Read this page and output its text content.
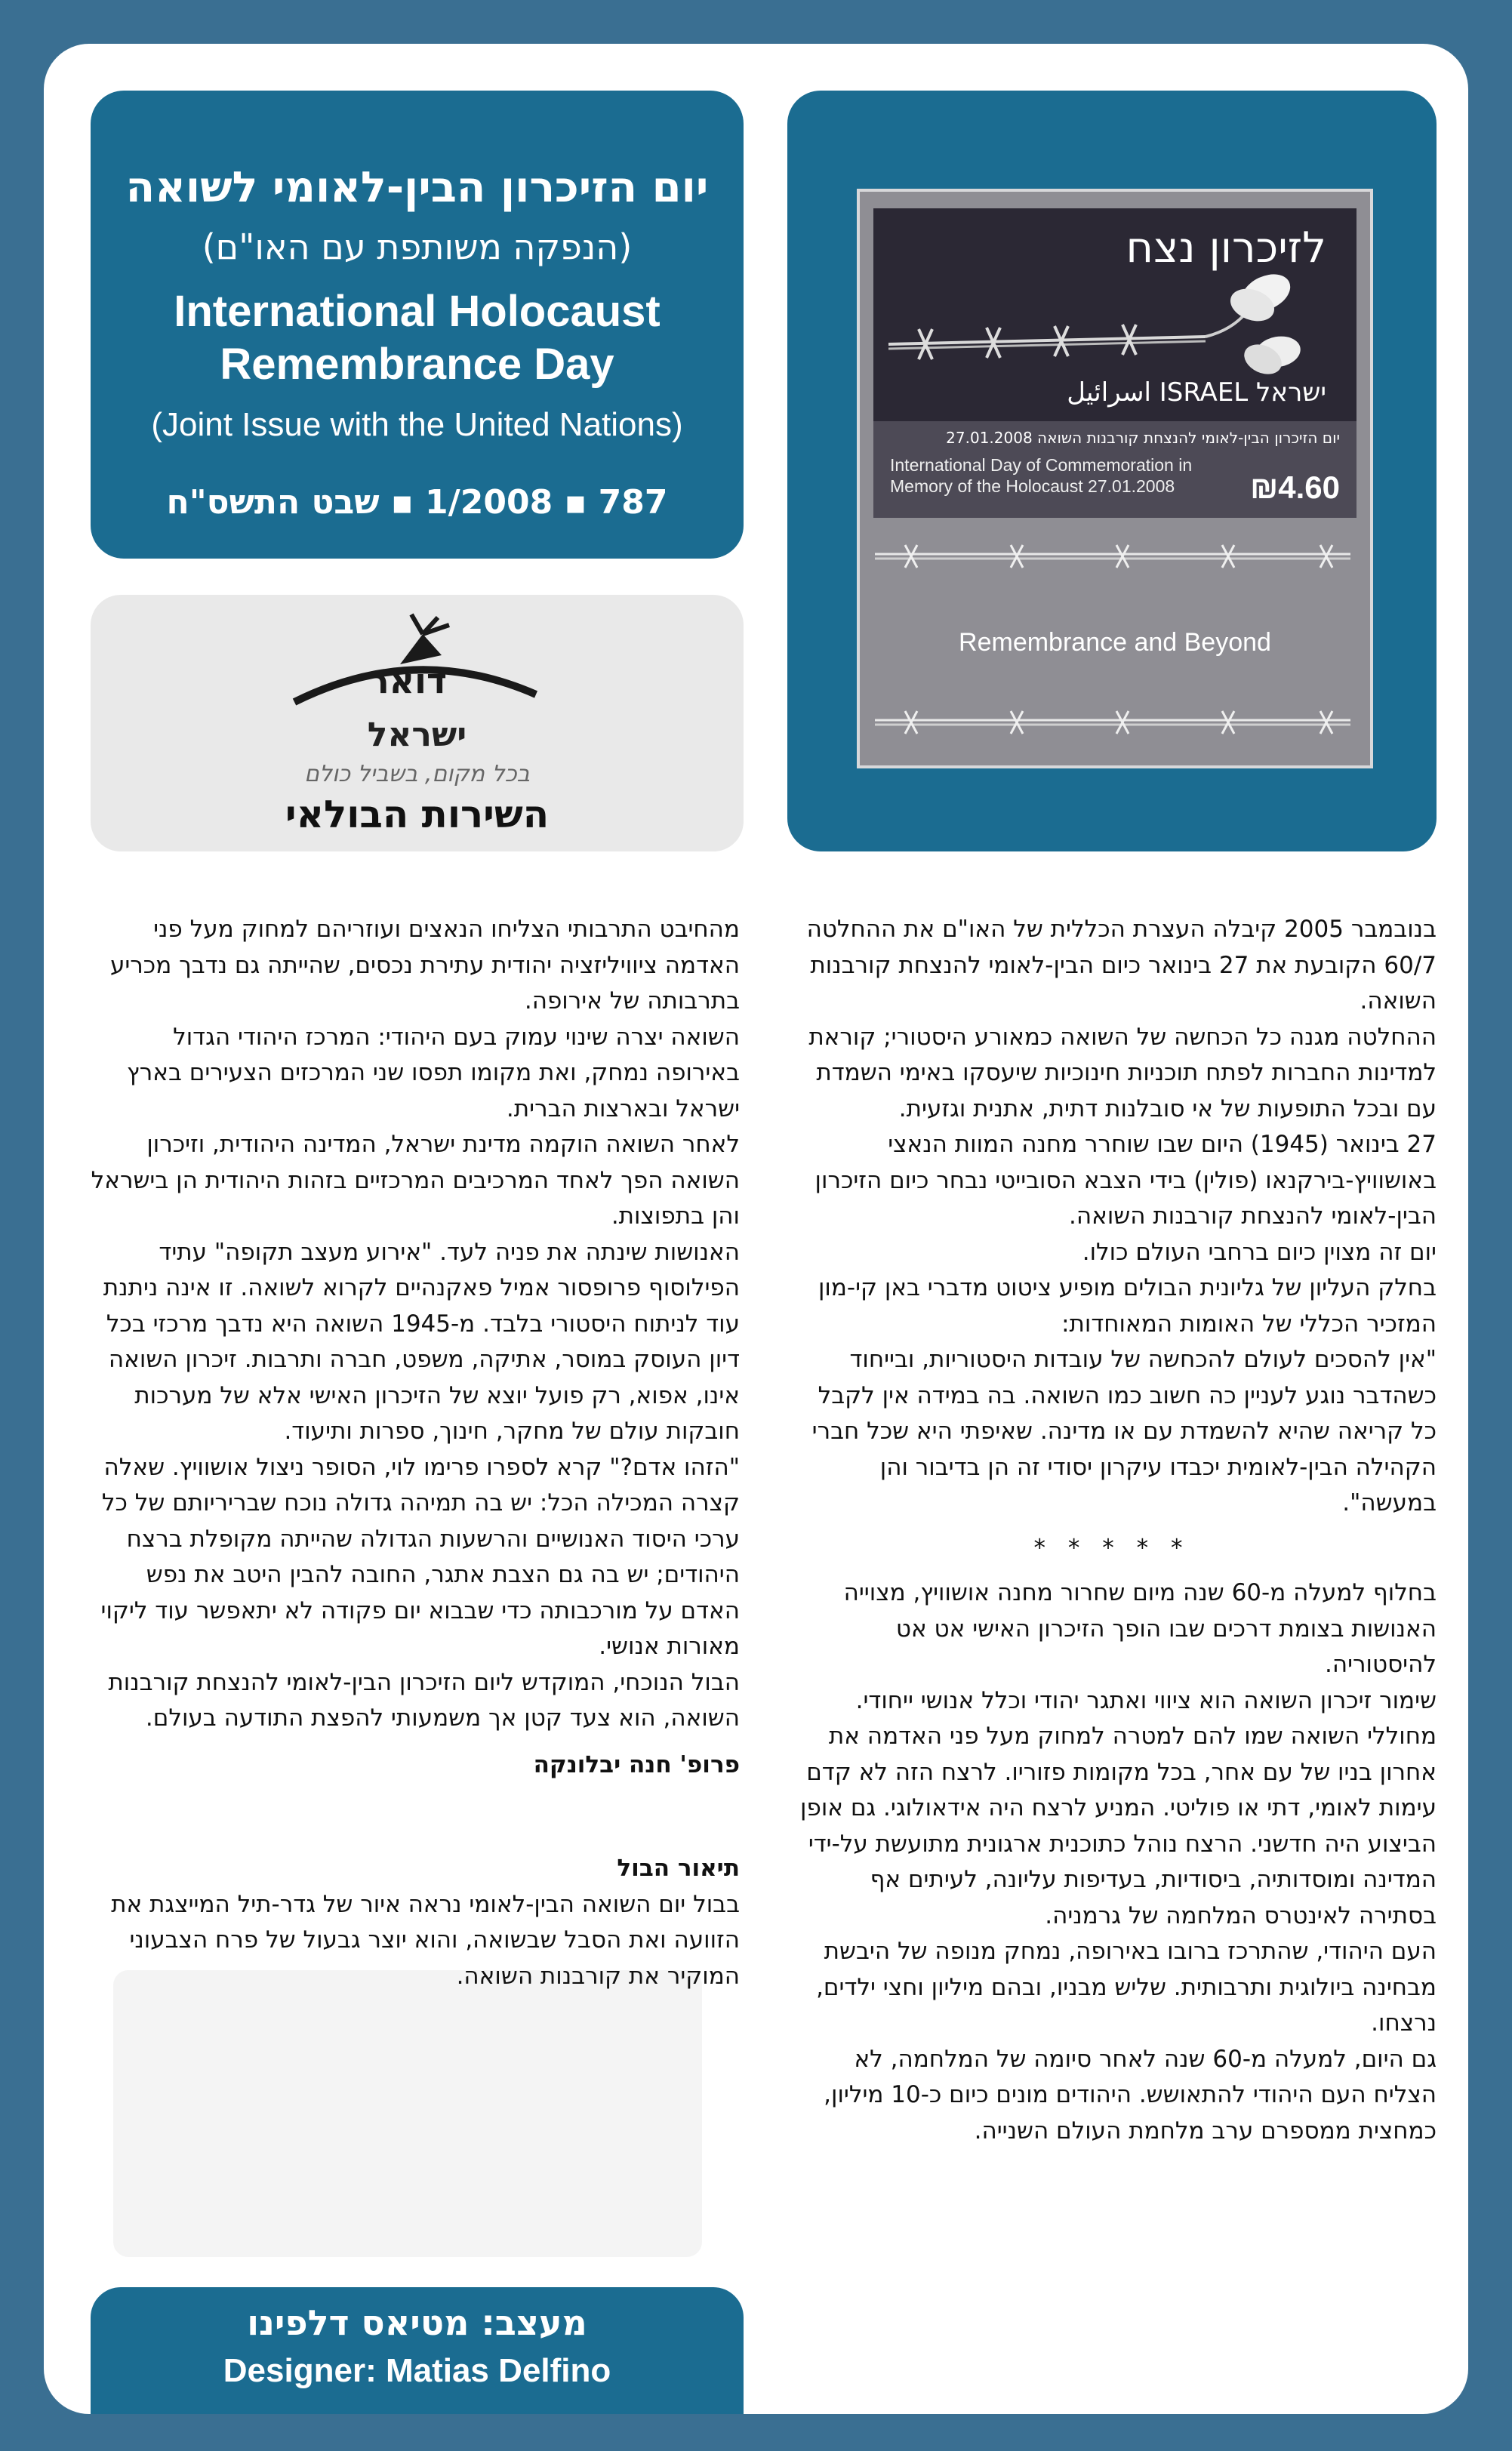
יום הזיכרון הבין-לאומי לשואה
(הנפקה משותפת עם האו"ם)
International Holocaust
Remembrance Day
(Joint Issue with the United Nations)
787 ▪ 1/2008 ▪ שבט התשס"ח
דואר
ישראל
בכל מקום, בשביל כולם
השירות הבולאי
לזיכרון נצח
ישראל ISRAEL اسرائيل
יום הזיכרון הבין-לאומי להנצחת קורבנות השואה 27.01.2008
International Day of Commemoration in
Memory of the Holocaust 27.01.2008	₪4.60
Remembrance and Beyond

בנובמבר 2005 קיבלה העצרת הכללית של האו"ם את ההחלטה 60/7 הקובעת את 27 בינואר כיום הבין-לאומי להנצחת קורבנות השואה.

ההחלטה מגנה כל הכחשה של השואה כמאורע היסטורי; קוראת למדינות החברות לפתח תוכניות חינוכיות שיעסקו באימי השמדת עם ובכל התופעות של אי סובלנות דתית, אתנית וגזעית.

27 בינואר (1945) היום שבו שוחרר מחנה המוות הנאצי באושוויץ-בירקנאו (פולין) בידי הצבא הסובייטי נבחר כיום הזיכרון הבין-לאומי להנצחת קורבנות השואה.

יום זה מצוין כיום ברחבי העולם כולו.

בחלק העליון של גליונית הבולים מופיע ציטוט מדברי באן קי-מון המזכיר הכללי של האומות המאוחדות:

"אין להסכים לעולם להכחשה של עובדות היסטוריות, ובייחוד כשהדבר נוגע לעניין כה חשוב כמו השואה. בה במידה אין לקבל כל קריאה שהיא להשמדת עם או מדינה. שאיפתי היא שכל חברי הקהילה הבין-לאומית יכבדו עיקרון יסודי זה הן בדיבור והן במעשה".

* * * * *

בחלוף למעלה מ-60 שנה מיום שחרור מחנה אושוויץ, מצוייה האנושות בצומת דרכים שבו הופך הזיכרון האישי אט אט להיסטוריה.

שימור זיכרון השואה הוא ציווי ואתגר יהודי וכלל אנושי ייחודי.

מחוללי השואה שמו להם למטרה למחוק מעל פני האדמה את אחרון בניו של עם אחר, בכל מקומות פזוריו. לרצח הזה לא קדם עימות לאומי, דתי או פוליטי. המניע לרצח היה אידאולוגי. גם אופן הביצוע היה חדשני. הרצח נוהל כתוכנית ארגונית מתועשת על-ידי המדינה ומוסדותיה, ביסודיות, בעדיפות עליונה, לעיתים אף בסתירה לאינטרס המלחמה של גרמניה.

העם היהודי, שהתרכז ברובו באירופה, נמחק מנופה של היבשת מבחינה ביולוגית ותרבותית. שליש מבניו, ובהם מיליון וחצי ילדים, נרצחו.

גם היום, למעלה מ-60 שנה לאחר סיומה של המלחמה, לא הצליח העם היהודי להתאושש. היהודים מונים כיום כ-10 מיליון, כמחצית ממספרם ערב מלחמת העולם השנייה.

מהחיבט התרבותי הצליחו הנאצים ועוזריהם למחוק מעל פני האדמה ציוויליזציה יהודית עתירת נכסים, שהייתה גם נדבך מכריע בתרבותה של אירופה.

השואה יצרה שינוי עמוק בעם היהודי: המרכז היהודי הגדול באירופה נמחק, ואת מקומו תפסו שני המרכזים הצעירים בארץ ישראל ובארצות הברית.

לאחר השואה הוקמה מדינת ישראל, המדינה היהודית, וזיכרון השואה הפך לאחד המרכיבים המרכזיים בזהות היהודית הן בישראל והן בתפוצות.

האנושות שינתה את פניה לעד. "אירוע מעצב תקופה" עתיד הפילוסוף פרופסור אמיל פאקנהיים לקרוא לשואה. זו אינה ניתנת עוד לניתוח היסטורי בלבד. מ-1945 השואה היא נדבך מרכזי בכל דיון העוסק במוסר, אתיקה, משפט, חברה ותרבות. זיכרון השואה אינו, אפוא, רק פועל יוצא של הזיכרון האישי אלא של מערכות חובקות עולם של מחקר, חינוך, ספרות ותיעוד.

"הזהו אדם?" קרא לספרו פרימו לוי, הסופר ניצול אושוויץ. שאלה קצרה המכילה הכל: יש בה תמיהה גדולה נוכח שבריריותם של כל ערכי היסוד האנושיים והרשעות הגדולה שהייתה מקופלת ברצח היהודים; יש בה גם הצבת אתגר, החובה להבין היטב את נפש האדם על מורכבותה כדי שבבוא יום פקודה לא יתאפשר עוד ליקוי מאורות אנושי.

הבול הנוכחי, המוקדש ליום הזיכרון הבין-לאומי להנצחת קורבנות השואה, הוא צעד קטן אך משמעותי להפצת התודעה בעולם.

פרופ' חנה יבלונקה

תיאור הבול

בבול יום השואה הבין-לאומי נראה איור של גדר-תיל המייצגת את הזוועה ואת הסבל שבשואה, והוא יוצר גבעול של פרח הצבעוני המוקיר את קורבנות השואה.

מעצב: מטיאס דלפינו
Designer: Matias Delfino
